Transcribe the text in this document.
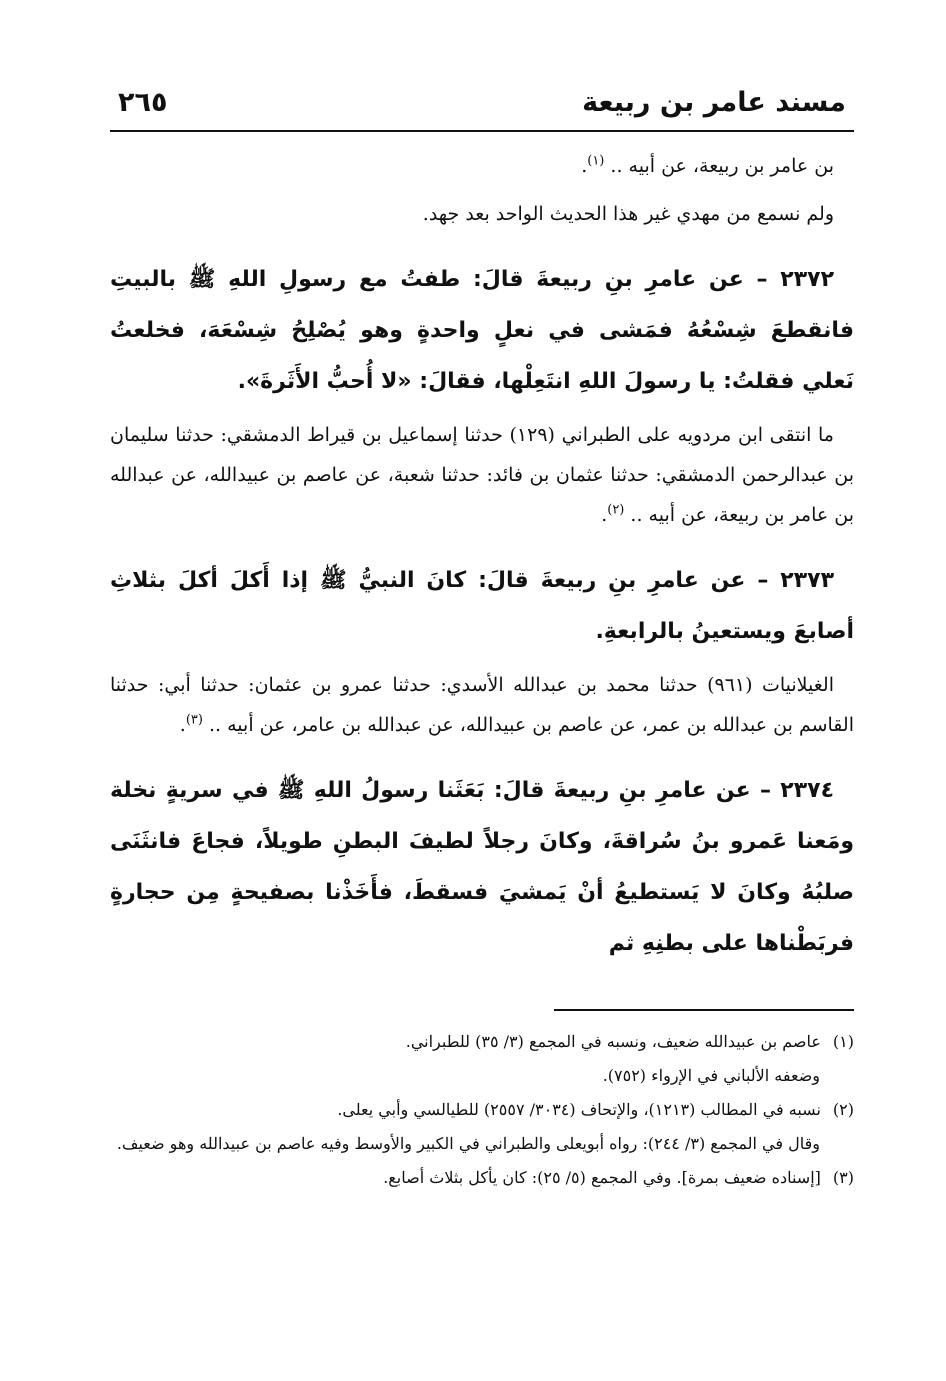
مسند عامر بن ربيعة
٢٦٥

بن عامر بن ربيعة، عن أبيه .. $^{(١)}$.

ولم نسمع من مهدي غير هذا الحديث الواحد بعد جهد.

٢٣٧٢ – عن عامرِ بنِ ربيعةَ قالَ: طفتُ مع رسولِ اللهِ ﷺ بالبيتِ فانقطعَ شِسْعُهُ فمَشى في نعلٍ واحدةٍ وهو يُصْلِحُ شِسْعَهَ، فخلعتُ نَعلي فقلتُ: يا رسولَ اللهِ انتَعِلْها، فقالَ: «لا أُحبُّ الأَثَرةَ».

ما انتقى ابن مردويه على الطبراني (١٢٩) حدثنا إسماعيل بن قيراط الدمشقي: حدثنا سليمان بن عبدالرحمن الدمشقي: حدثنا عثمان بن فائد: حدثنا شعبة، عن عاصم بن عبيدالله، عن عبدالله بن عامر بن ربيعة، عن أبيه .. $^{(٢)}$.

٢٣٧٣ – عن عامرِ بنِ ربيعةَ قالَ: كانَ النبيُّ ﷺ إذا أَكلَ أكلَ بثلاثِ أصابعَ ويستعينُ بالرابعةِ.

الغيلانيات (٩٦١) حدثنا محمد بن عبدالله الأسدي: حدثنا عمرو بن عثمان: حدثنا أبي: حدثنا القاسم بن عبدالله بن عمر، عن عاصم بن عبيدالله، عن عبدالله بن عامر، عن أبيه .. $^{(٣)}$.

٢٣٧٤ – عن عامرِ بنِ ربيعةَ قالَ: بَعَثَنا رسولُ اللهِ ﷺ في سريةٍ نخلة ومَعنا عَمرو بنُ سُراقةَ، وكانَ رجلاً لطيفَ البطنِ طويلاً، فجاعَ فانثَنَى صلبُهُ وكانَ لا يَستطيعُ أنْ يَمشيَ فسقطَ، فأَخَذْنا بصفيحةٍ مِن حجارةٍ فربَطْناها على بطنِهِ ثم

(١) عاصم بن عبيدالله ضعيف، ونسبه في المجمع (٣/ ٣٥) للطبراني.

وضعفه الألباني في الإرواء (٧٥٢).

(٢) نسبه في المطالب (١٢١٣)، والإتحاف (٣٠٣٤/ ٢٥٥٧) للطيالسي وأبي يعلى.

وقال في المجمع (٣/ ٢٤٤): رواه أبويعلى والطبراني في الكبير والأوسط وفيه عاصم بن عبيدالله وهو ضعيف.

(٣) [إسناده ضعيف بمرة]. وفي المجمع (٥/ ٢٥): كان يأكل بثلاث أصابع.
